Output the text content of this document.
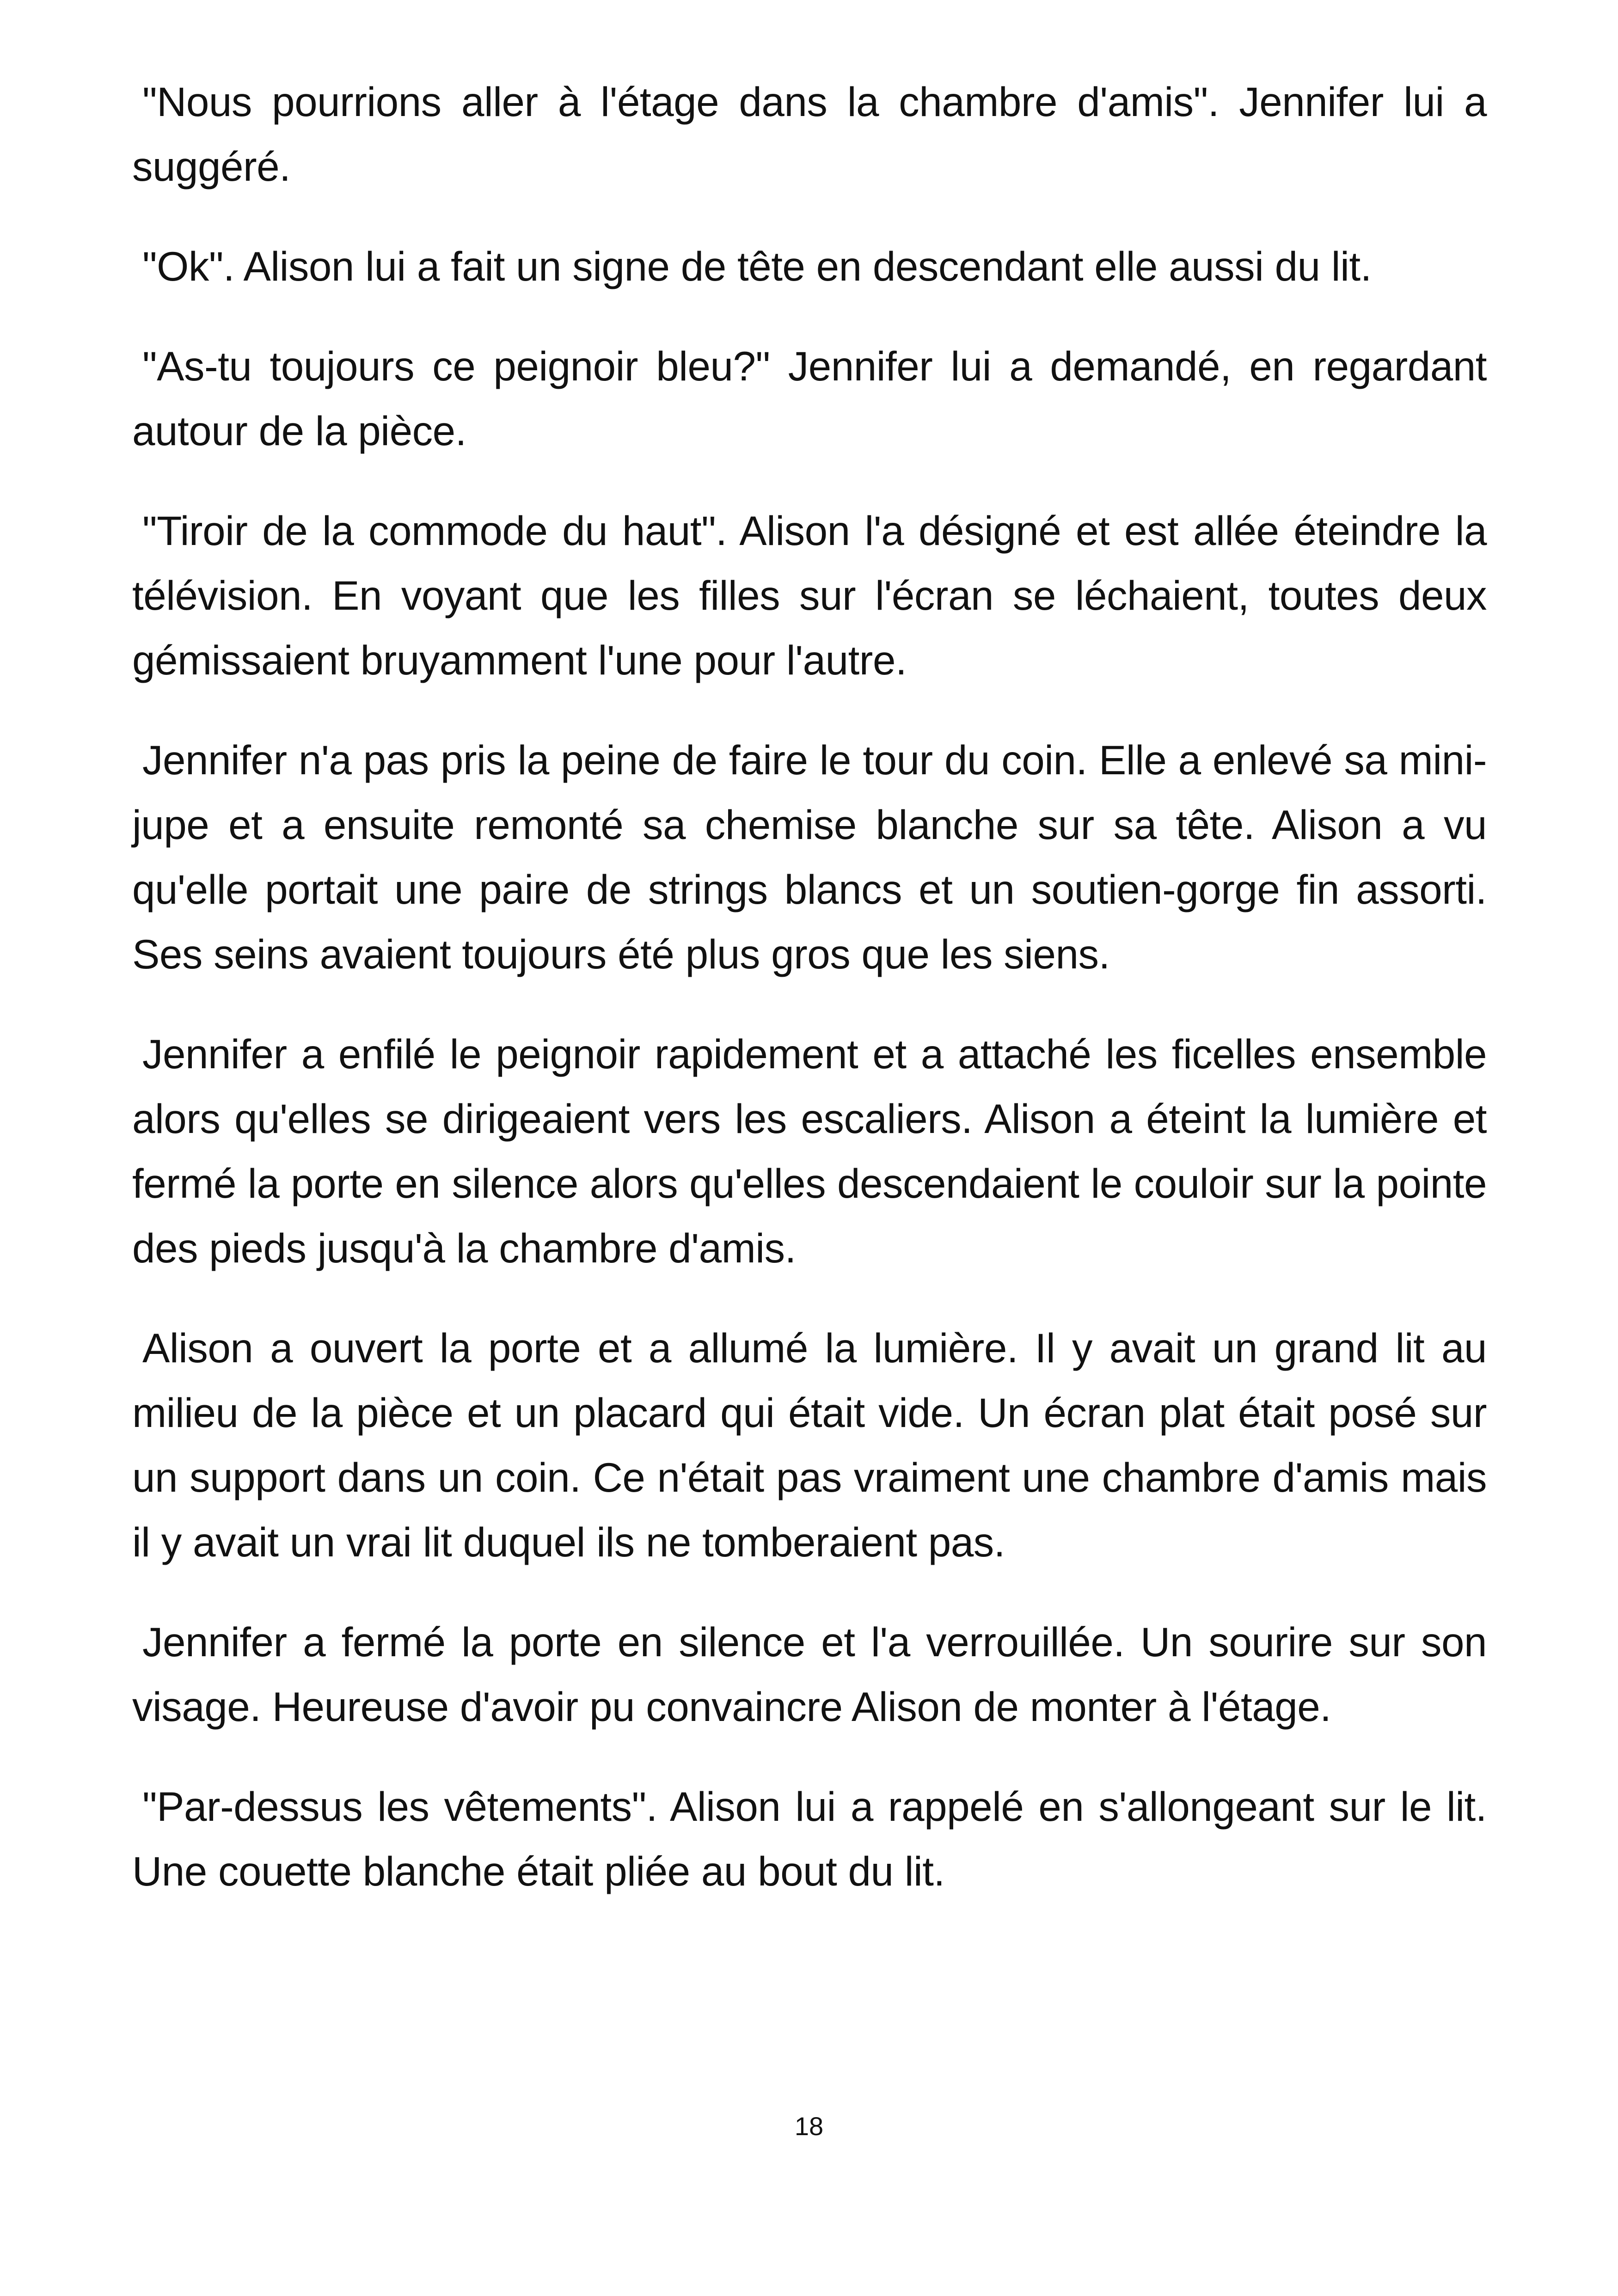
"Nous pourrions aller à l'étage dans la chambre d'amis". Jennifer lui a suggéré.

"Ok". Alison lui a fait un signe de tête en descendant elle aussi du lit.

"As-tu toujours ce peignoir bleu?" Jennifer lui a demandé, en regardant autour de la pièce.

"Tiroir de la commode du haut". Alison l'a désigné et est allée éteindre la télévision. En voyant que les filles sur l'écran se léchaient, toutes deux gémissaient bruyamment l'une pour l'autre.

Jennifer n'a pas pris la peine de faire le tour du coin. Elle a enlevé sa mini-jupe et a ensuite remonté sa chemise blanche sur sa tête. Alison a vu qu'elle portait une paire de strings blancs et un soutien-gorge fin assorti. Ses seins avaient toujours été plus gros que les siens.

Jennifer a enfilé le peignoir rapidement et a attaché les ficelles ensemble alors qu'elles se dirigeaient vers les escaliers. Alison a éteint la lumière et fermé la porte en silence alors qu'elles descendaient le couloir sur la pointe des pieds jusqu'à la chambre d'amis.

Alison a ouvert la porte et a allumé la lumière. Il y avait un grand lit au milieu de la pièce et un placard qui était vide. Un écran plat était posé sur un support dans un coin. Ce n'était pas vraiment une chambre d'amis mais il y avait un vrai lit duquel ils ne tomberaient pas.

Jennifer a fermé la porte en silence et l'a verrouillée. Un sourire sur son visage. Heureuse d'avoir pu convaincre Alison de monter à l'étage.

"Par-dessus les vêtements". Alison lui a rappelé en s'allongeant sur le lit. Une couette blanche était pliée au bout du lit.

18
